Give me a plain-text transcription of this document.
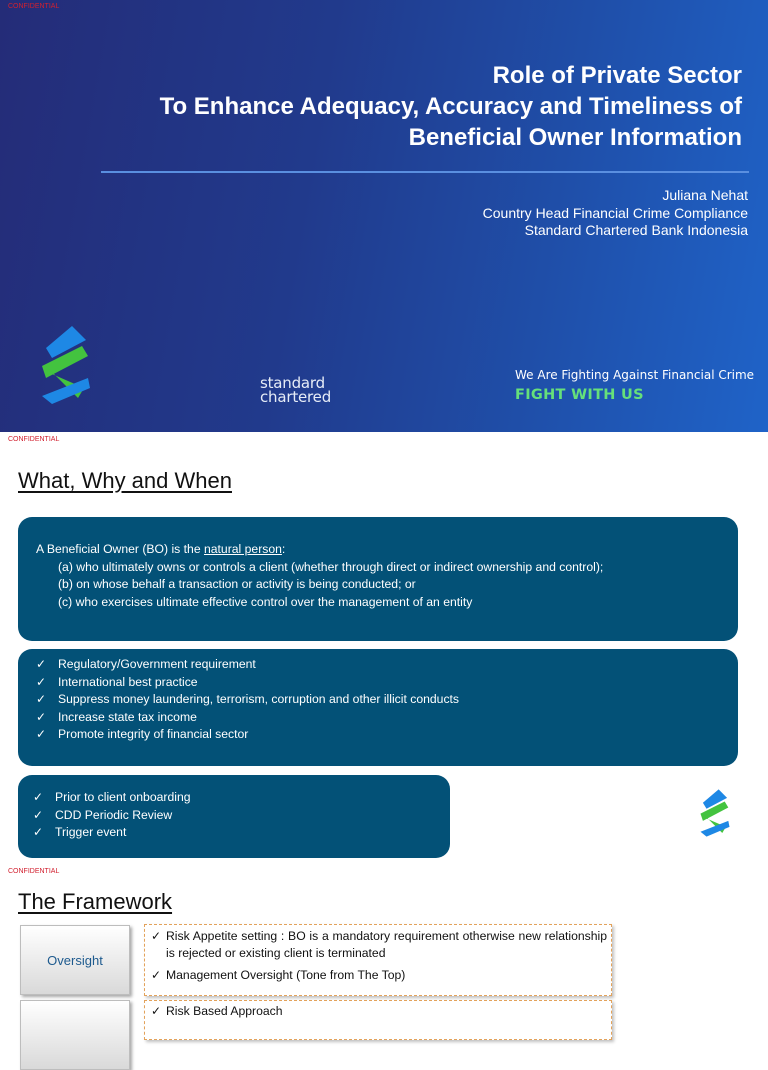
CONFIDENTIAL
Role of Private Sector
To Enhance Adequacy, Accuracy and Timeliness of
Beneficial Owner Information
Juliana Nehat
Country Head Financial Crime Compliance
Standard Chartered Bank Indonesia
standard
chartered
We Are Fighting Against Financial Crime
FIGHT WITH US
CONFIDENTIAL
What, Why and When
A Beneficial Owner (BO) is the natural person:
(a) who ultimately owns or controls a client (whether through direct or indirect ownership and control);
(b) on whose behalf a transaction or activity is being conducted; or
(c) who exercises ultimate effective control over the management of an entity
✓ Regulatory/Government requirement
✓ International best practice
✓ Suppress money laundering, terrorism, corruption and other illicit conducts
✓ Increase state tax income
✓ Promote integrity of financial sector
✓ Prior to client onboarding
✓ CDD Periodic Review
✓ Trigger event
CONFIDENTIAL
The Framework
Oversight
✓ Risk Appetite setting : BO is a mandatory requirement otherwise new relationship is rejected or existing client is terminated
✓ Management Oversight (Tone from The Top)
✓ Risk Based Approach
